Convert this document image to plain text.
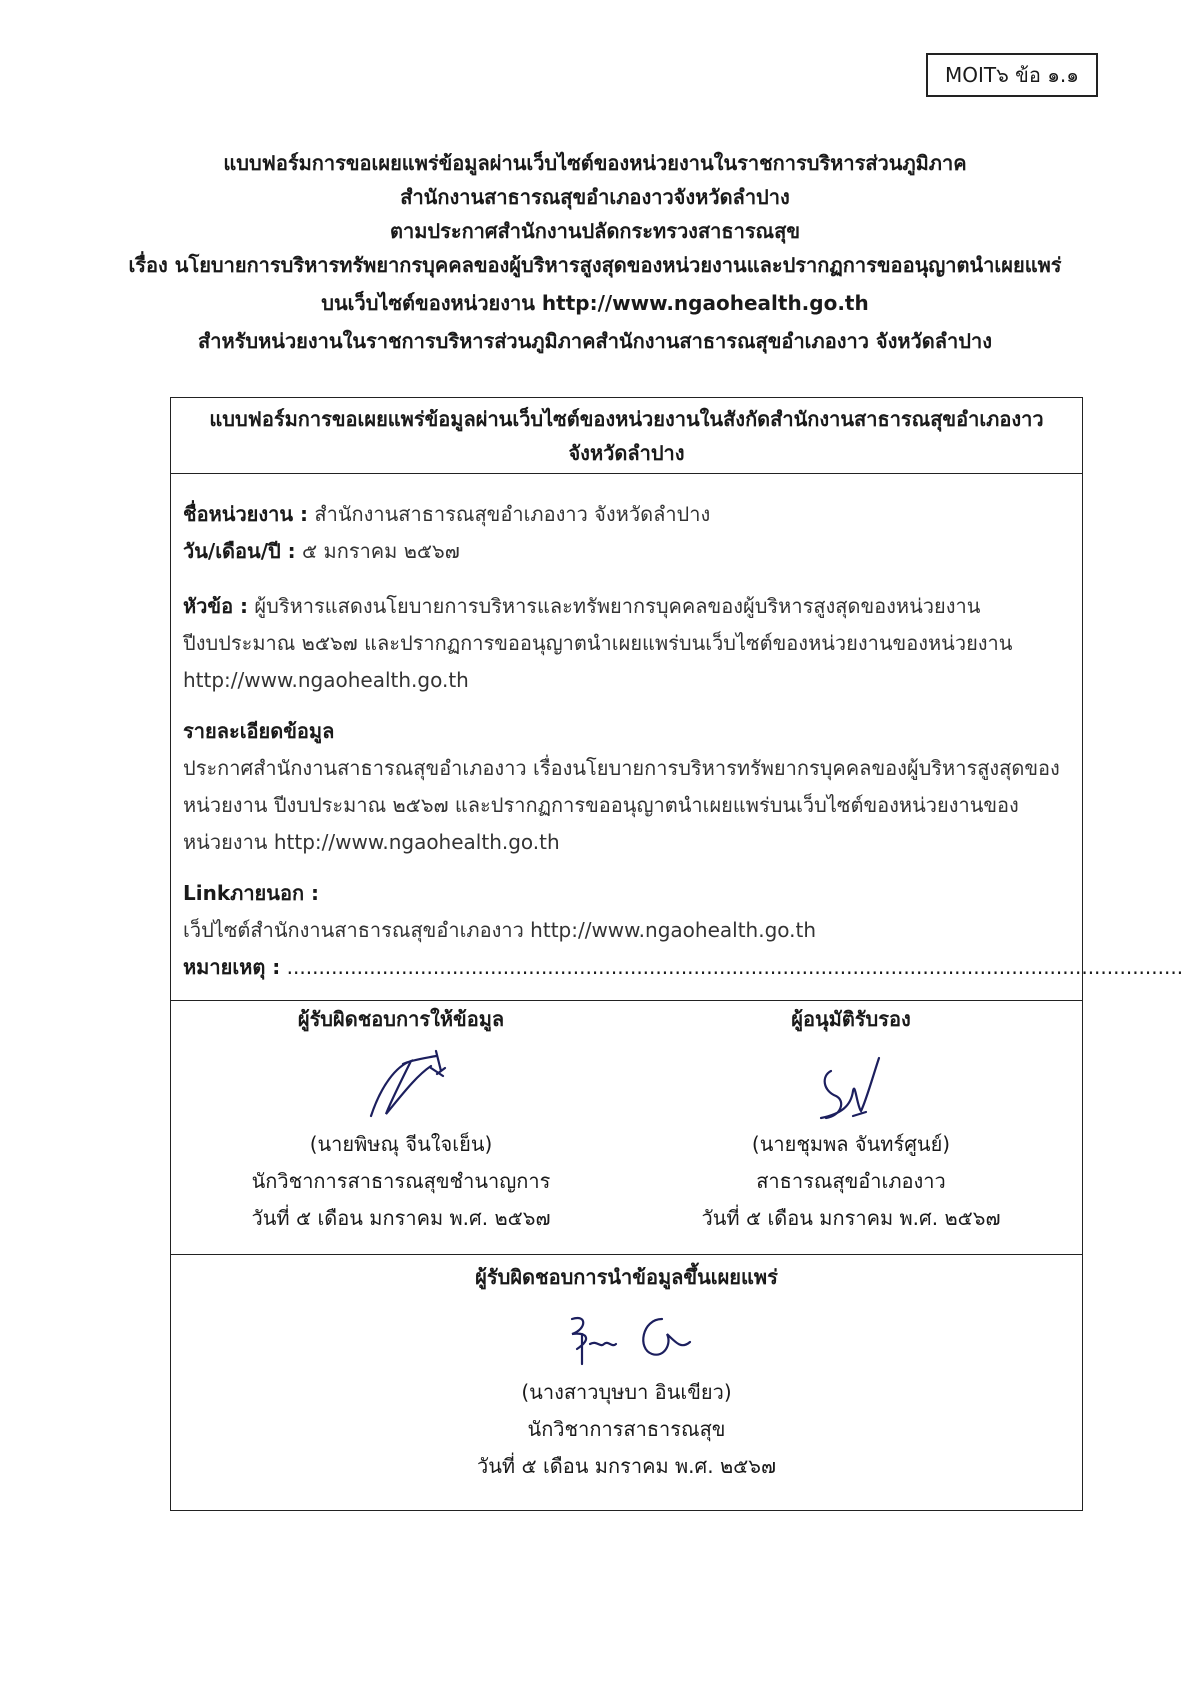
MOIT๖ ข้อ ๑.๑
แบบฟอร์มการขอเผยแพร่ข้อมูลผ่านเว็บไซต์ของหน่วยงานในราชการบริหารส่วนภูมิภาค
สำนักงานสาธารณสุขอำเภองาวจังหวัดลำปาง
ตามประกาศสำนักงานปลัดกระทรวงสาธารณสุข
เรื่อง นโยบายการบริหารทรัพยากรบุคคลของผู้บริหารสูงสุดของหน่วยงานและปรากฏการขออนุญาตนำเผยแพร่
บนเว็บไซต์ของหน่วยงาน http://www.ngaohealth.go.th
สำหรับหน่วยงานในราชการบริหารส่วนภูมิภาคสำนักงานสาธารณสุขอำเภองาว จังหวัดลำปาง
แบบฟอร์มการขอเผยแพร่ข้อมูลผ่านเว็บไซต์ของหน่วยงานในสังกัดสำนักงานสาธารณสุขอำเภองาว
จังหวัดลำปาง
ชื่อหน่วยงาน : สำนักงานสาธารณสุขอำเภองาว จังหวัดลำปาง
วัน/เดือน/ปี : ๕ มกราคม ๒๕๖๗
หัวข้อ : ผู้บริหารแสดงนโยบายการบริหารและทรัพยากรบุคคลของผู้บริหารสูงสุดของหน่วยงาน
ปีงบประมาณ ๒๕๖๗ และปรากฏการขออนุญาตนำเผยแพร่บนเว็บไซต์ของหน่วยงานของหน่วยงาน
http://www.ngaohealth.go.th
รายละเอียดข้อมูล
ประกาศสำนักงานสาธารณสุขอำเภองาว เรื่องนโยบายการบริหารทรัพยากรบุคคลของผู้บริหารสูงสุดของ
หน่วยงาน ปีงบประมาณ ๒๕๖๗ และปรากฏการขออนุญาตนำเผยแพร่บนเว็บไซต์ของหน่วยงานของ
หน่วยงาน http://www.ngaohealth.go.th
Linkภายนอก :
เว็ปไซต์สำนักงานสาธารณสุขอำเภองาว http://www.ngaohealth.go.th
หมายเหตุ : .............................................................................................................................................
ผู้รับผิดชอบการให้ข้อมูล
(นายพิษณุ จีนใจเย็น)
นักวิชาการสาธารณสุขชำนาญการ
วันที่ ๕ เดือน มกราคม พ.ศ. ๒๕๖๗
ผู้อนุมัติรับรอง
(นายชุมพล จันทร์ศูนย์)
สาธารณสุขอำเภองาว
วันที่ ๕ เดือน มกราคม พ.ศ. ๒๕๖๗
ผู้รับผิดชอบการนำข้อมูลขึ้นเผยแพร่
(นางสาวบุษบา อินเขียว)
นักวิชาการสาธารณสุข
วันที่ ๕ เดือน มกราคม พ.ศ. ๒๕๖๗
